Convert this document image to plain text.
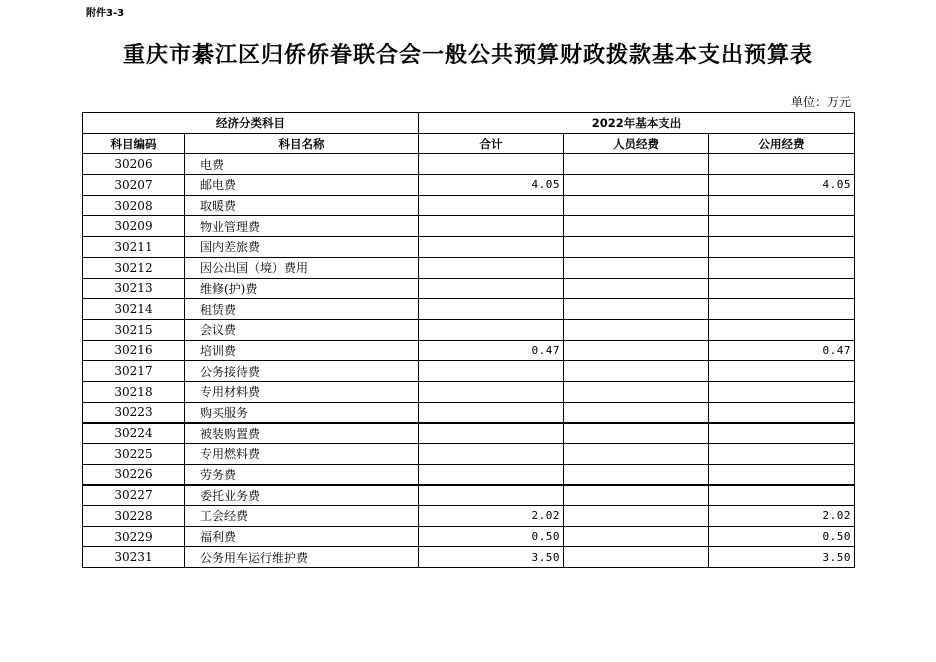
附件3-3
重庆市綦江区归侨侨眷联合会一般公共预算财政拨款基本支出预算表
单位：万元
经济分类科目		2022年基本支出		
科目编码	科目名称	合计	人员经费	公用经费
30206	电费			
30207	邮电费	4.05		4.05
30208	取暖费			
30209	物业管理费			
30211	国内差旅费			
30212	因公出国（境）费用			
30213	维修(护)费			
30214	租赁费			
30215	会议费			
30216	培训费	0.47		0.47
30217	公务接待费			
30218	专用材料费			
30223	购买服务			
30224	被装购置费			
30225	专用燃料费			
30226	劳务费			
30227	委托业务费			
30228	工会经费	2.02		2.02
30229	福利费	0.50		0.50
30231	公务用车运行维护费	3.50		3.50
